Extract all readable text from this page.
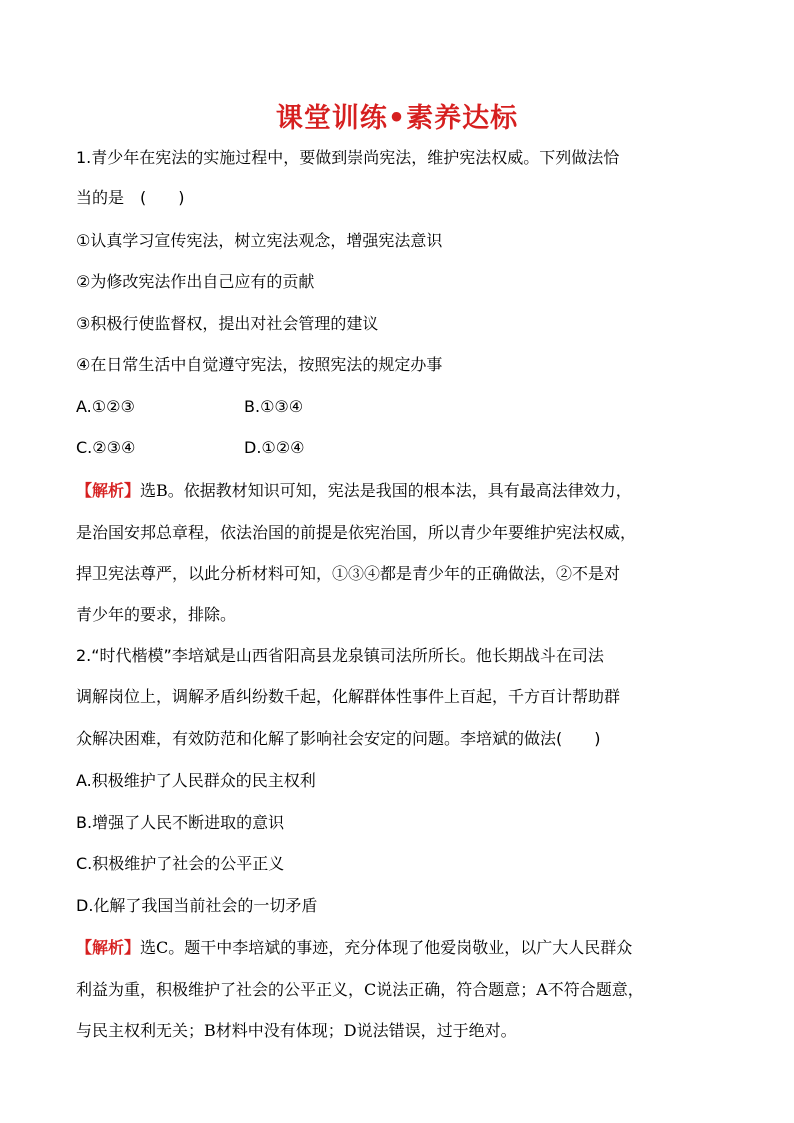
课堂训练•素养达标
1.青少年在宪法的实施过程中，要做到崇尚宪法，维护宪法权威。下列做法恰
当的是　(　　)
①认真学习宣传宪法，树立宪法观念，增强宪法意识
②为修改宪法作出自己应有的贡献
③积极行使监督权，提出对社会管理的建议
④在日常生活中自觉遵守宪法，按照宪法的规定办事
A.①②③	B.①③④
C.②③④	D.①②④
【解析】选B。依据教材知识可知，宪法是我国的根本法，具有最高法律效力，
是治国安邦总章程，依法治国的前提是依宪治国，所以青少年要维护宪法权威，
捍卫宪法尊严，以此分析材料可知，①③④都是青少年的正确做法，②不是对
青少年的要求，排除。
2.“时代楷模”李培斌是山西省阳高县龙泉镇司法所所长。他长期战斗在司法
调解岗位上，调解矛盾纠纷数千起，化解群体性事件上百起，千方百计帮助群
众解决困难，有效防范和化解了影响社会安定的问题。李培斌的做法(　　)
A.积极维护了人民群众的民主权利
B.增强了人民不断进取的意识
C.积极维护了社会的公平正义
D.化解了我国当前社会的一切矛盾
【解析】选C。题干中李培斌的事迹，充分体现了他爱岗敬业，以广大人民群众
利益为重，积极维护了社会的公平正义，C说法正确，符合题意；A不符合题意，
与民主权利无关；B材料中没有体现；D说法错误，过于绝对。
